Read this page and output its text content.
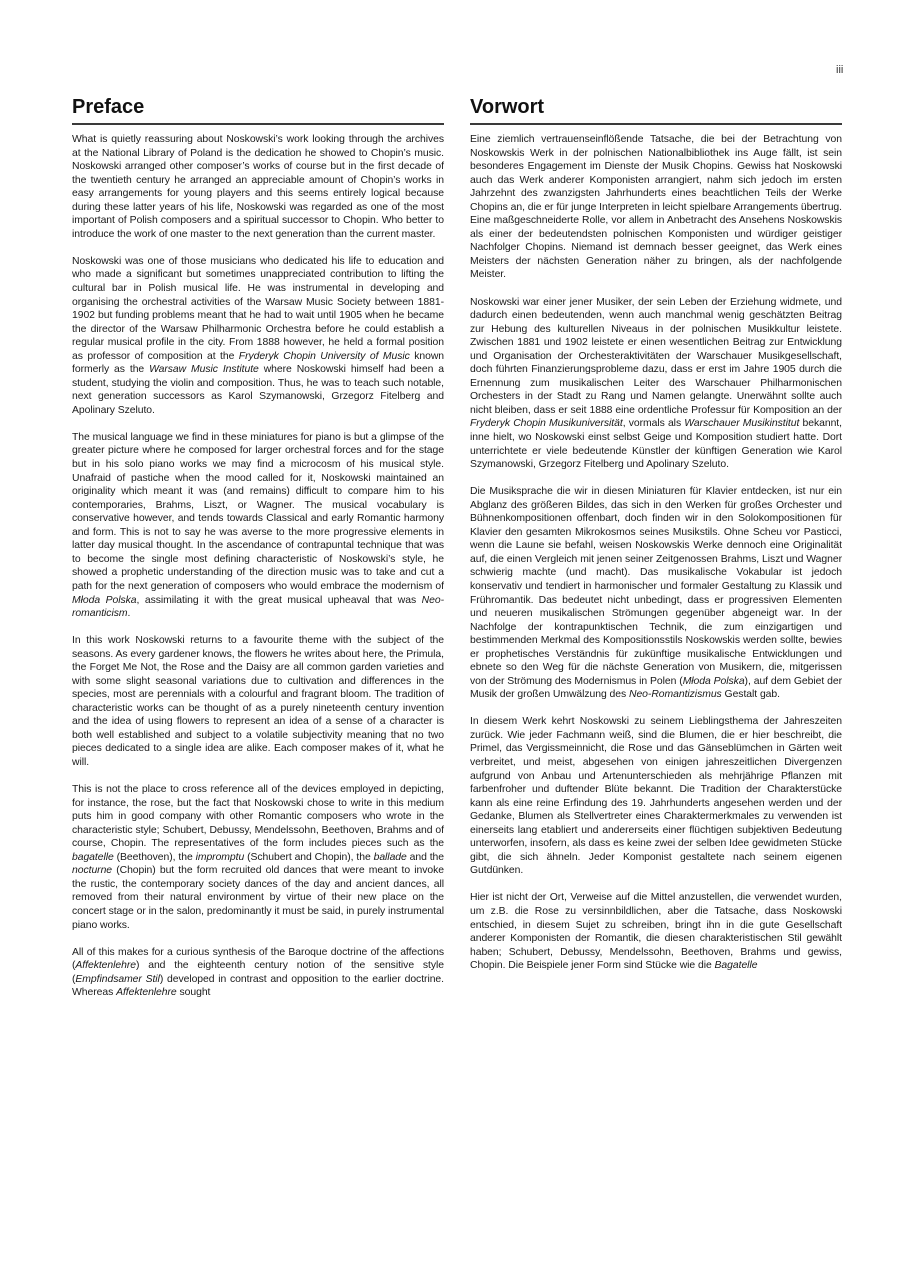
iii
Preface

What is quietly reassuring about Noskowski’s work looking through the archives at the National Library of Poland is the dedication he showed to Chopin’s music. Noskowski arranged other composer’s works of course but in the first decade of the twentieth century he arranged an appreciable amount of Chopin’s works in easy arrangements for young players and this seems entirely logical because during these latter years of his life, Noskowski was regarded as one of the most important of Polish composers and a spiritual successor to Chopin. Who better to introduce the work of one master to the next generation than the current master.

Noskowski was one of those musicians who dedicated his life to education and who made a significant but sometimes unappreciated contribution to lifting the cultural bar in Polish musical life. He was instrumental in developing and organising the orchestral activities of the Warsaw Music Society between 1881-1902 but funding problems meant that he had to wait until 1905 when he became the director of the Warsaw Philharmonic Orchestra before he could establish a regular musical profile in the city. From 1888 however, he held a formal position as professor of composition at the Fryderyk Chopin University of Music known formerly as the Warsaw Music Institute where Noskowski himself had been a student, studying the violin and composition. Thus, he was to teach such notable, next generation successors as Karol Szymanowski, Grzegorz Fitelberg and Apolinary Szeluto.

The musical language we find in these miniatures for piano is but a glimpse of the greater picture where he composed for larger orchestral forces and for the stage but in his solo piano works we may find a microcosm of his musical style. Unafraid of pastiche when the mood called for it, Noskowski maintained an originality which meant it was (and remains) difficult to compare him to his contemporaries, Brahms, Liszt, or Wagner. The musical vocabulary is conservative however, and tends towards Classical and early Romantic harmony and form. This is not to say he was averse to the more progressive elements in latter day musical thought. In the ascendance of contrapuntal technique that was to become the single most defining characteristic of Noskowski’s style, he showed a prophetic understanding of the direction music was to take and cut a path for the next generation of composers who would embrace the modernism of Młoda Polska, assimilating it with the great musical upheaval that was Neo-romanticism.

In this work Noskowski returns to a favourite theme with the subject of the seasons. As every gardener knows, the flowers he writes about here, the Primula, the Forget Me Not, the Rose and the Daisy are all common garden varieties and with some slight seasonal variations due to cultivation and differences in the species, most are perennials with a colourful and fragrant bloom. The tradition of characteristic works can be thought of as a purely nineteenth century invention and the idea of using flowers to represent an idea of a sense of a character is both well established and subject to a volatile subjectivity meaning that no two pieces dedicated to a single idea are alike. Each composer makes of it, what he will.

This is not the place to cross reference all of the devices employed in depicting, for instance, the rose, but the fact that Noskowski chose to write in this medium puts him in good company with other Romantic composers who wrote in the characteristic style; Schubert, Debussy, Mendelssohn, Beethoven, Brahms and of course, Chopin. The representatives of the form includes pieces such as the bagatelle (Beethoven), the impromptu (Schubert and Chopin), the ballade and the nocturne (Chopin) but the form recruited old dances that were meant to invoke the rustic, the contemporary society dances of the day and ancient dances, all removed from their natural environment by virtue of their new place on the concert stage or in the salon, predominantly it must be said, in purely instrumental piano works.

All of this makes for a curious synthesis of the Baroque doctrine of the affections (Affektenlehre) and the eighteenth century notion of the sensitive style (Empfindsamer Stil) developed in contrast and opposition to the earlier doctrine. Whereas Affektenlehre sought

Vorwort

Eine ziemlich vertrauenseinflößende Tatsache, die bei der Betrachtung von Noskowskis Werk in der polnischen Nationalbibliothek ins Auge fällt, ist sein besonderes Engagement im Dienste der Musik Chopins. Gewiss hat Noskowski auch das Werk anderer Komponisten arrangiert, nahm sich jedoch im ersten Jahrzehnt des zwanzigsten Jahrhunderts eines beachtlichen Teils der Werke Chopins an, die er für junge Interpreten in leicht spielbare Arrangements übertrug. Eine maßgeschneiderte Rolle, vor allem in Anbetracht des Ansehens Noskowskis als einer der bedeutendsten polnischen Komponisten und würdiger geistiger Nachfolger Chopins. Niemand ist demnach besser geeignet, das Werk eines Meisters der nächsten Generation näher zu bringen, als der nachfolgende Meister.

Noskowski war einer jener Musiker, der sein Leben der Erziehung widmete, und dadurch einen bedeutenden, wenn auch manchmal wenig geschätzten Beitrag zur Hebung des kulturellen Niveaus in der polnischen Musikkultur leistete. Zwischen 1881 und 1902 leistete er einen wesentlichen Beitrag zur Entwicklung und Organisation der Orchesteraktivitäten der Warschauer Musikgesellschaft, doch führten Finanzierungsprobleme dazu, dass er erst im Jahre 1905 durch die Ernennung zum musikalischen Leiter des Warschauer Philharmonischen Orchesters in der Stadt zu Rang und Namen gelangte. Unerwähnt sollte auch nicht bleiben, dass er seit 1888 eine ordentliche Professur für Komposition an der Fryderyk Chopin Musikuniversität, vormals als Warschauer Musikinstitut bekannt, inne hielt, wo Noskowski einst selbst Geige und Komposition studiert hatte. Dort unterrichtete er viele bedeutende Künstler der künftigen Generation wie Karol Szymanowski, Grzegorz Fitelberg und Apolinary Szeluto.

Die Musiksprache die wir in diesen Miniaturen für Klavier entdecken, ist nur ein Abglanz des größeren Bildes, das sich in den Werken für großes Orchester und Bühnenkompositionen offenbart, doch finden wir in den Solokompositionen für Klavier den gesamten Mikrokosmos seines Musikstils. Ohne Scheu vor Pasticci, wenn die Laune sie befahl, weisen Noskowskis Werke dennoch eine Originalität auf, die einen Vergleich mit jenen seiner Zeitgenossen Brahms, Liszt und Wagner schwierig machte (und macht). Das musikalische Vokabular ist jedoch konservativ und tendiert in harmonischer und formaler Gestaltung zu Klassik und Frühromantik. Das bedeutet nicht unbedingt, dass er progressiven Elementen und neueren musikalischen Strömungen gegenüber abgeneigt war. In der Nachfolge der kontrapunktischen Technik, die zum einzigartigen und bestimmenden Merkmal des Kompositionsstils Noskowskis werden sollte, bewies er prophetisches Verständnis für zukünftige musikalische Entwicklungen und ebnete so den Weg für die nächste Generation von Musikern, die, mitgerissen von der Strömung des Modernismus in Polen (Młoda Polska), auf dem Gebiet der Musik der großen Umwälzung des Neo-Romantizismus Gestalt gab.

In diesem Werk kehrt Noskowski zu seinem Lieblingsthema der Jahreszeiten zurück. Wie jeder Fachmann weiß, sind die Blumen, die er hier beschreibt, die Primel, das Vergissmeinnicht, die Rose und das Gänseblümchen in Gärten weit verbreitet, und meist, abgesehen von einigen jahreszeitlichen Divergenzen aufgrund von Anbau und Artenunterschieden als mehrjährige Pflanzen mit farbenfroher und duftender Blüte bekannt. Die Tradition der Charakterstücke kann als eine reine Erfindung des 19. Jahrhunderts angesehen werden und der Gedanke, Blumen als Stellvertreter eines Charaktermerkmales zu verwenden ist einerseits lang etabliert und andererseits einer flüchtigen subjektiven Bedeutung unterworfen, insofern, als dass es keine zwei der selben Idee gewidmeten Stücke gibt, die sich ähneln. Jeder Komponist gestaltete nach seinem eigenen Gutdünken.

Hier ist nicht der Ort, Verweise auf die Mittel anzustellen, die verwendet wurden, um z.B. die Rose zu versinnbildlichen, aber die Tatsache, dass Noskowski entschied, in diesem Sujet zu schreiben, bringt ihn in die gute Gesellschaft anderer Komponisten der Romantik, die diesen charakteristischen Stil gewählt haben; Schubert, Debussy, Mendelssohn, Beethoven, Brahms und gewiss, Chopin. Die Beispiele jener Form sind Stücke wie die Bagatelle
